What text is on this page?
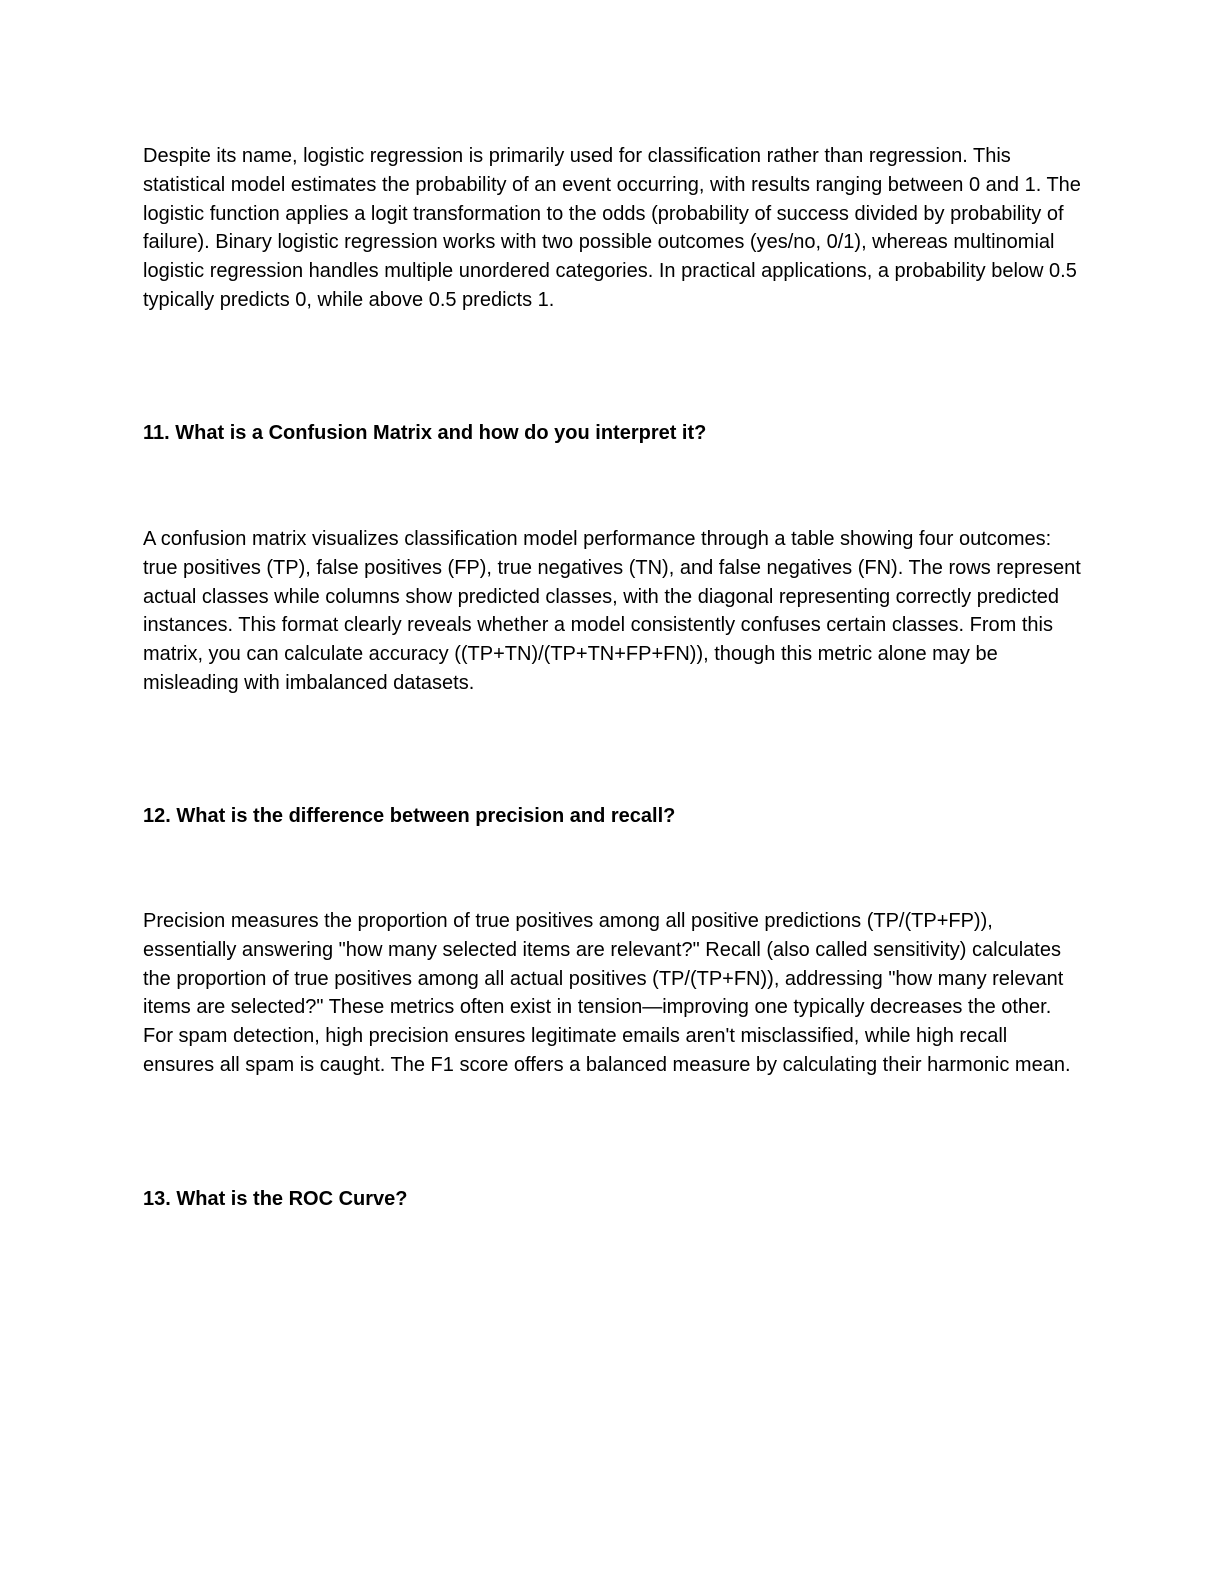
Despite its name, logistic regression is primarily used for classification rather than regression. This statistical model estimates the probability of an event occurring, with results ranging between 0 and 1. The logistic function applies a logit transformation to the odds (probability of success divided by probability of failure). Binary logistic regression works with two possible outcomes (yes/no, 0/1), whereas multinomial logistic regression handles multiple unordered categories. In practical applications, a probability below 0.5 typically predicts 0, while above 0.5 predicts 1.

11. What is a Confusion Matrix and how do you interpret it?

A confusion matrix visualizes classification model performance through a table showing four outcomes: true positives (TP), false positives (FP), true negatives (TN), and false negatives (FN). The rows represent actual classes while columns show predicted classes, with the diagonal representing correctly predicted instances. This format clearly reveals whether a model consistently confuses certain classes. From this matrix, you can calculate accuracy ((TP+TN)/(TP+TN+FP+FN)), though this metric alone may be misleading with imbalanced datasets.

12. What is the difference between precision and recall?

Precision measures the proportion of true positives among all positive predictions (TP/(TP+FP)), essentially answering "how many selected items are relevant?" Recall (also called sensitivity) calculates the proportion of true positives among all actual positives (TP/(TP+FN)), addressing "how many relevant items are selected?" These metrics often exist in tension—improving one typically decreases the other. For spam detection, high precision ensures legitimate emails aren't misclassified, while high recall ensures all spam is caught. The F1 score offers a balanced measure by calculating their harmonic mean.

13. What is the ROC Curve?
